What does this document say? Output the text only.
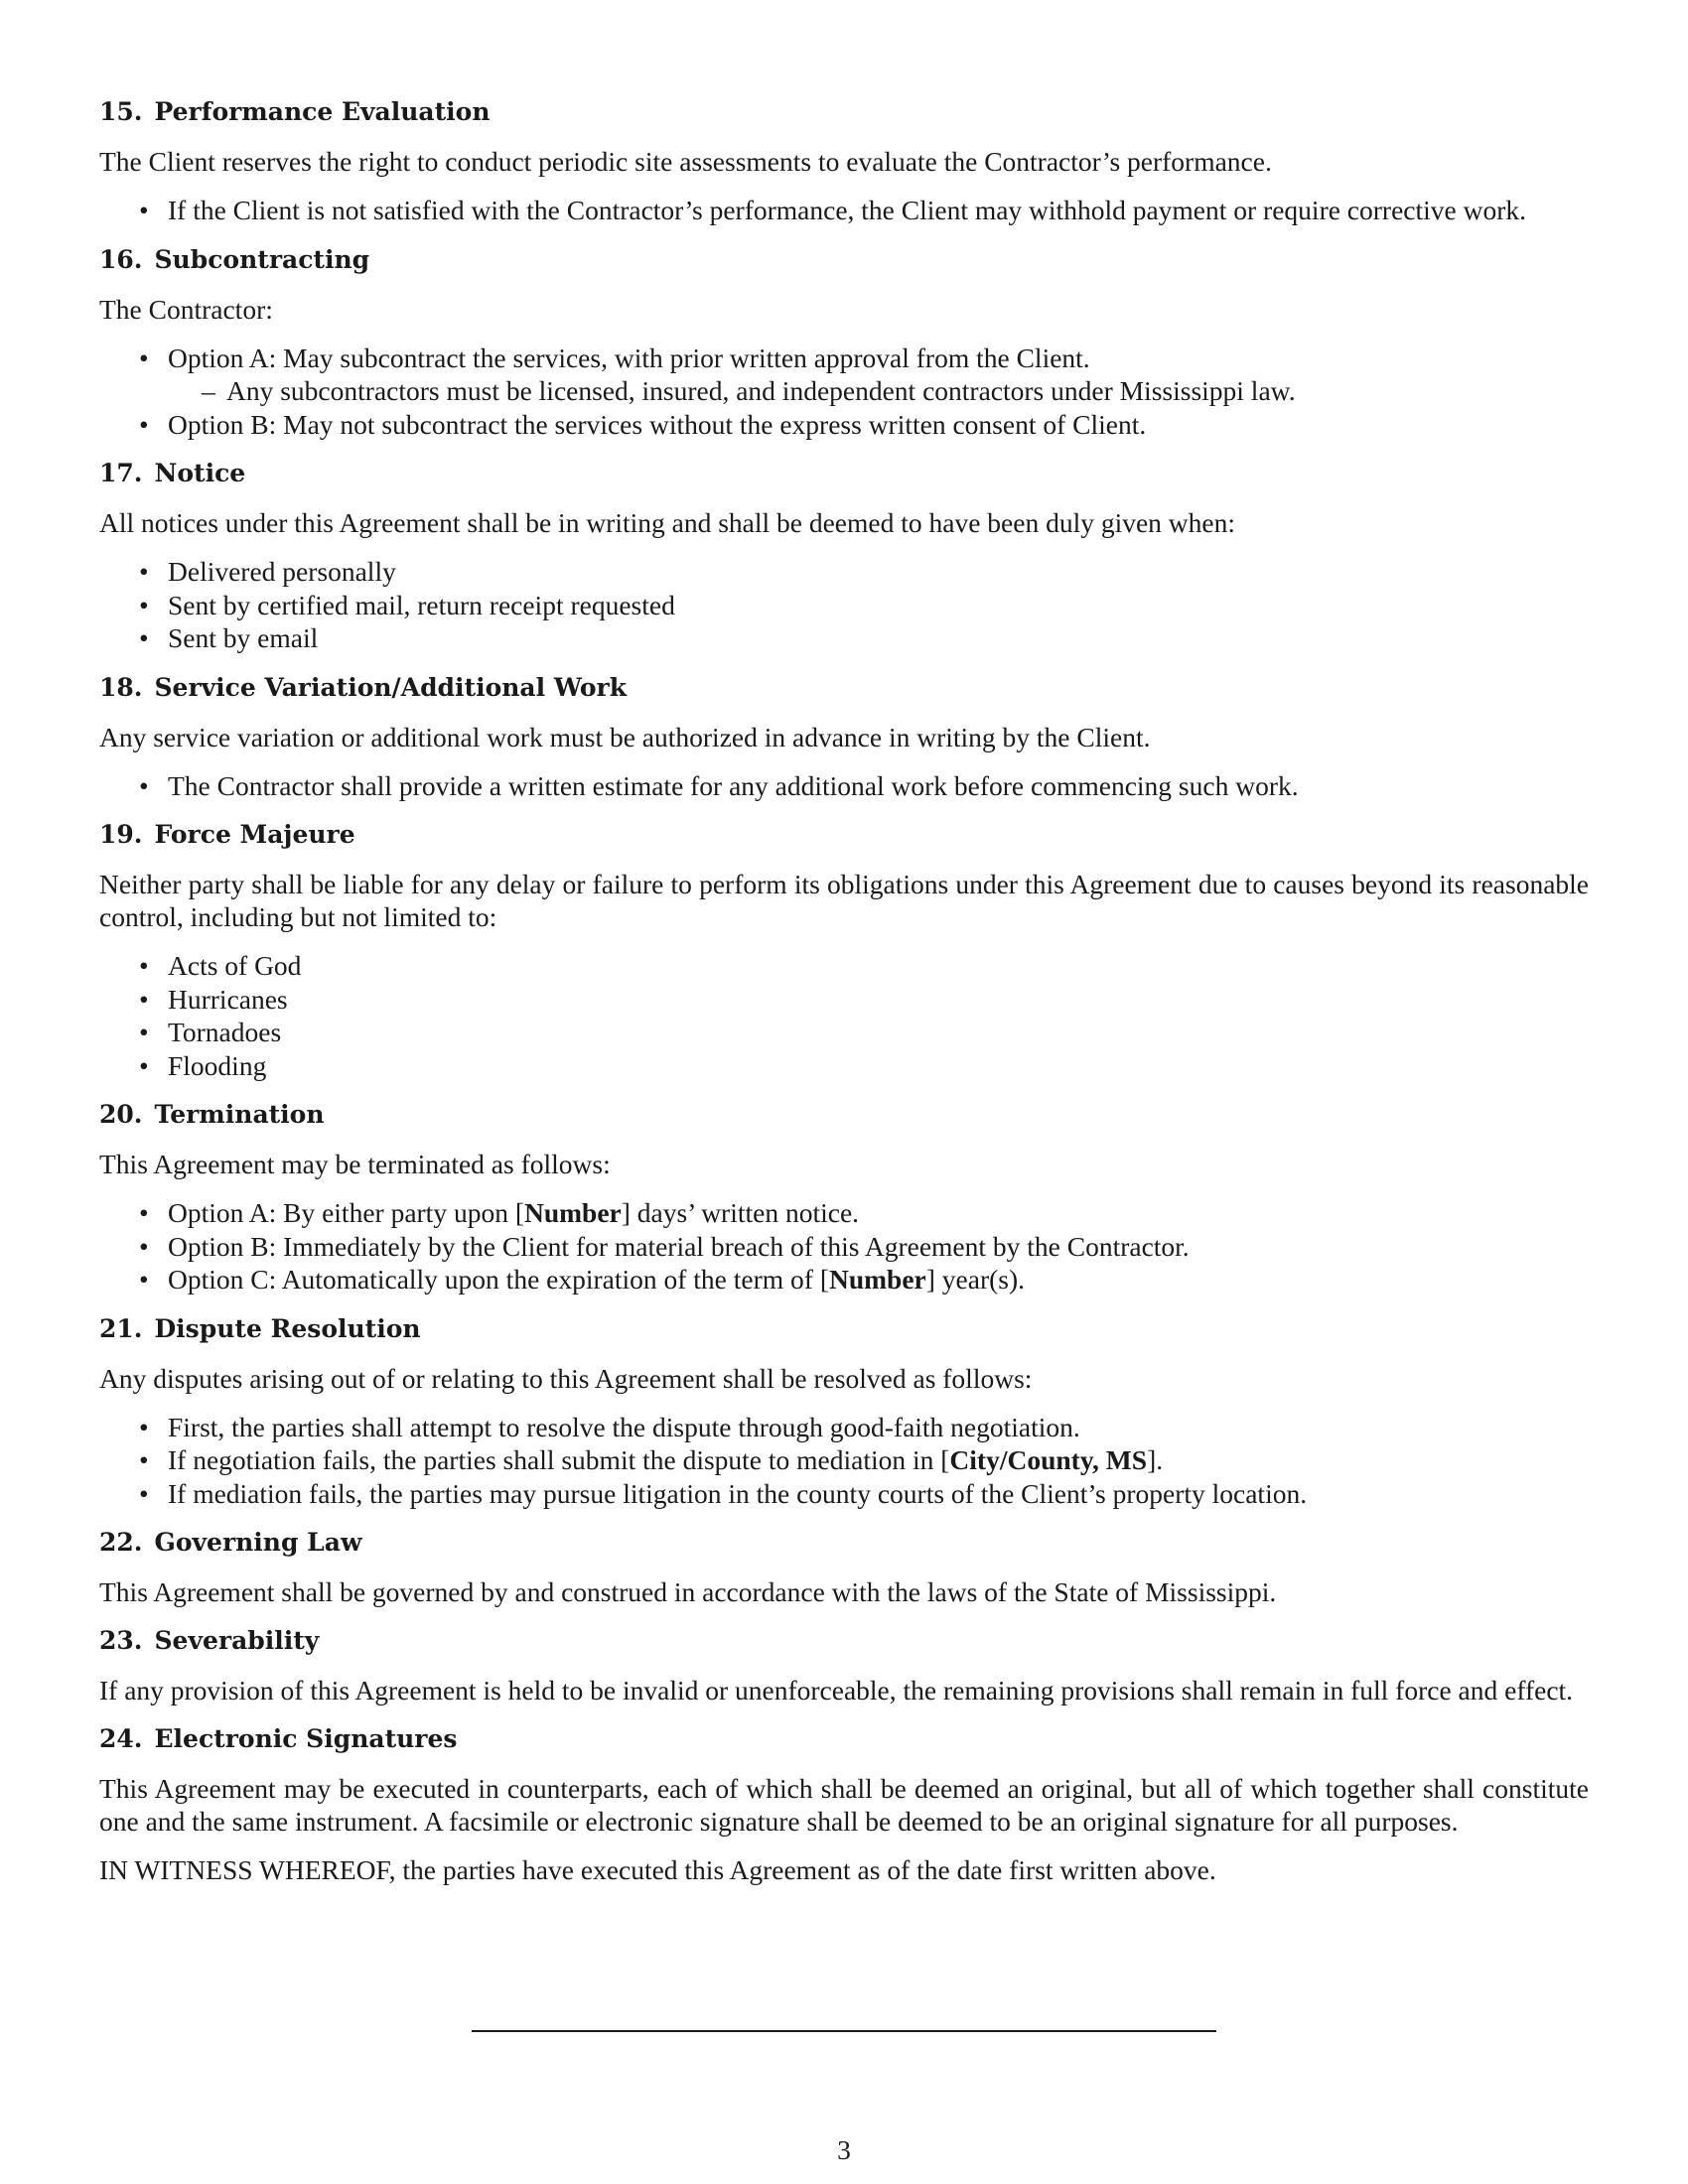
15. Performance Evaluation

The Client reserves the right to conduct periodic site assessments to evaluate the Contractor’s performance.

• If the Client is not satisfied with the Contractor’s performance, the Client may withhold payment or require corrective work.
16. Subcontracting

The Contractor:

• Option A: May subcontract the services, with prior written approval from the Client.
– Any subcontractors must be licensed, insured, and independent contractors under Mississippi law.
• Option B: May not subcontract the services without the express written consent of Client.
17. Notice

All notices under this Agreement shall be in writing and shall be deemed to have been duly given when:

• Delivered personally
• Sent by certified mail, return receipt requested
• Sent by email
18. Service Variation/Additional Work

Any service variation or additional work must be authorized in advance in writing by the Client.

• The Contractor shall provide a written estimate for any additional work before commencing such work.
19. Force Majeure

Neither party shall be liable for any delay or failure to perform its obligations under this Agreement due to causes beyond its reasonable control, including but not limited to:

• Acts of God
• Hurricanes
• Tornadoes
• Flooding
20. Termination

This Agreement may be terminated as follows:

• Option A: By either party upon [Number] days’ written notice.
• Option B: Immediately by the Client for material breach of this Agreement by the Contractor.
• Option C: Automatically upon the expiration of the term of [Number] year(s).
21. Dispute Resolution

Any disputes arising out of or relating to this Agreement shall be resolved as follows:

• First, the parties shall attempt to resolve the dispute through good-faith negotiation.
• If negotiation fails, the parties shall submit the dispute to mediation in [City/County, MS].
• If mediation fails, the parties may pursue litigation in the county courts of the Client’s property location.
22. Governing Law

This Agreement shall be governed by and construed in accordance with the laws of the State of Mississippi.

23. Severability

If any provision of this Agreement is held to be invalid or unenforceable, the remaining provisions shall remain in full force and effect.

24. Electronic Signatures

This Agreement may be executed in counterparts, each of which shall be deemed an original, but all of which together shall constitute one and the same instrument. A facsimile or electronic signature shall be deemed to be an original signature for all purposes.

IN WITNESS WHEREOF, the parties have executed this Agreement as of the date first written above.

3
